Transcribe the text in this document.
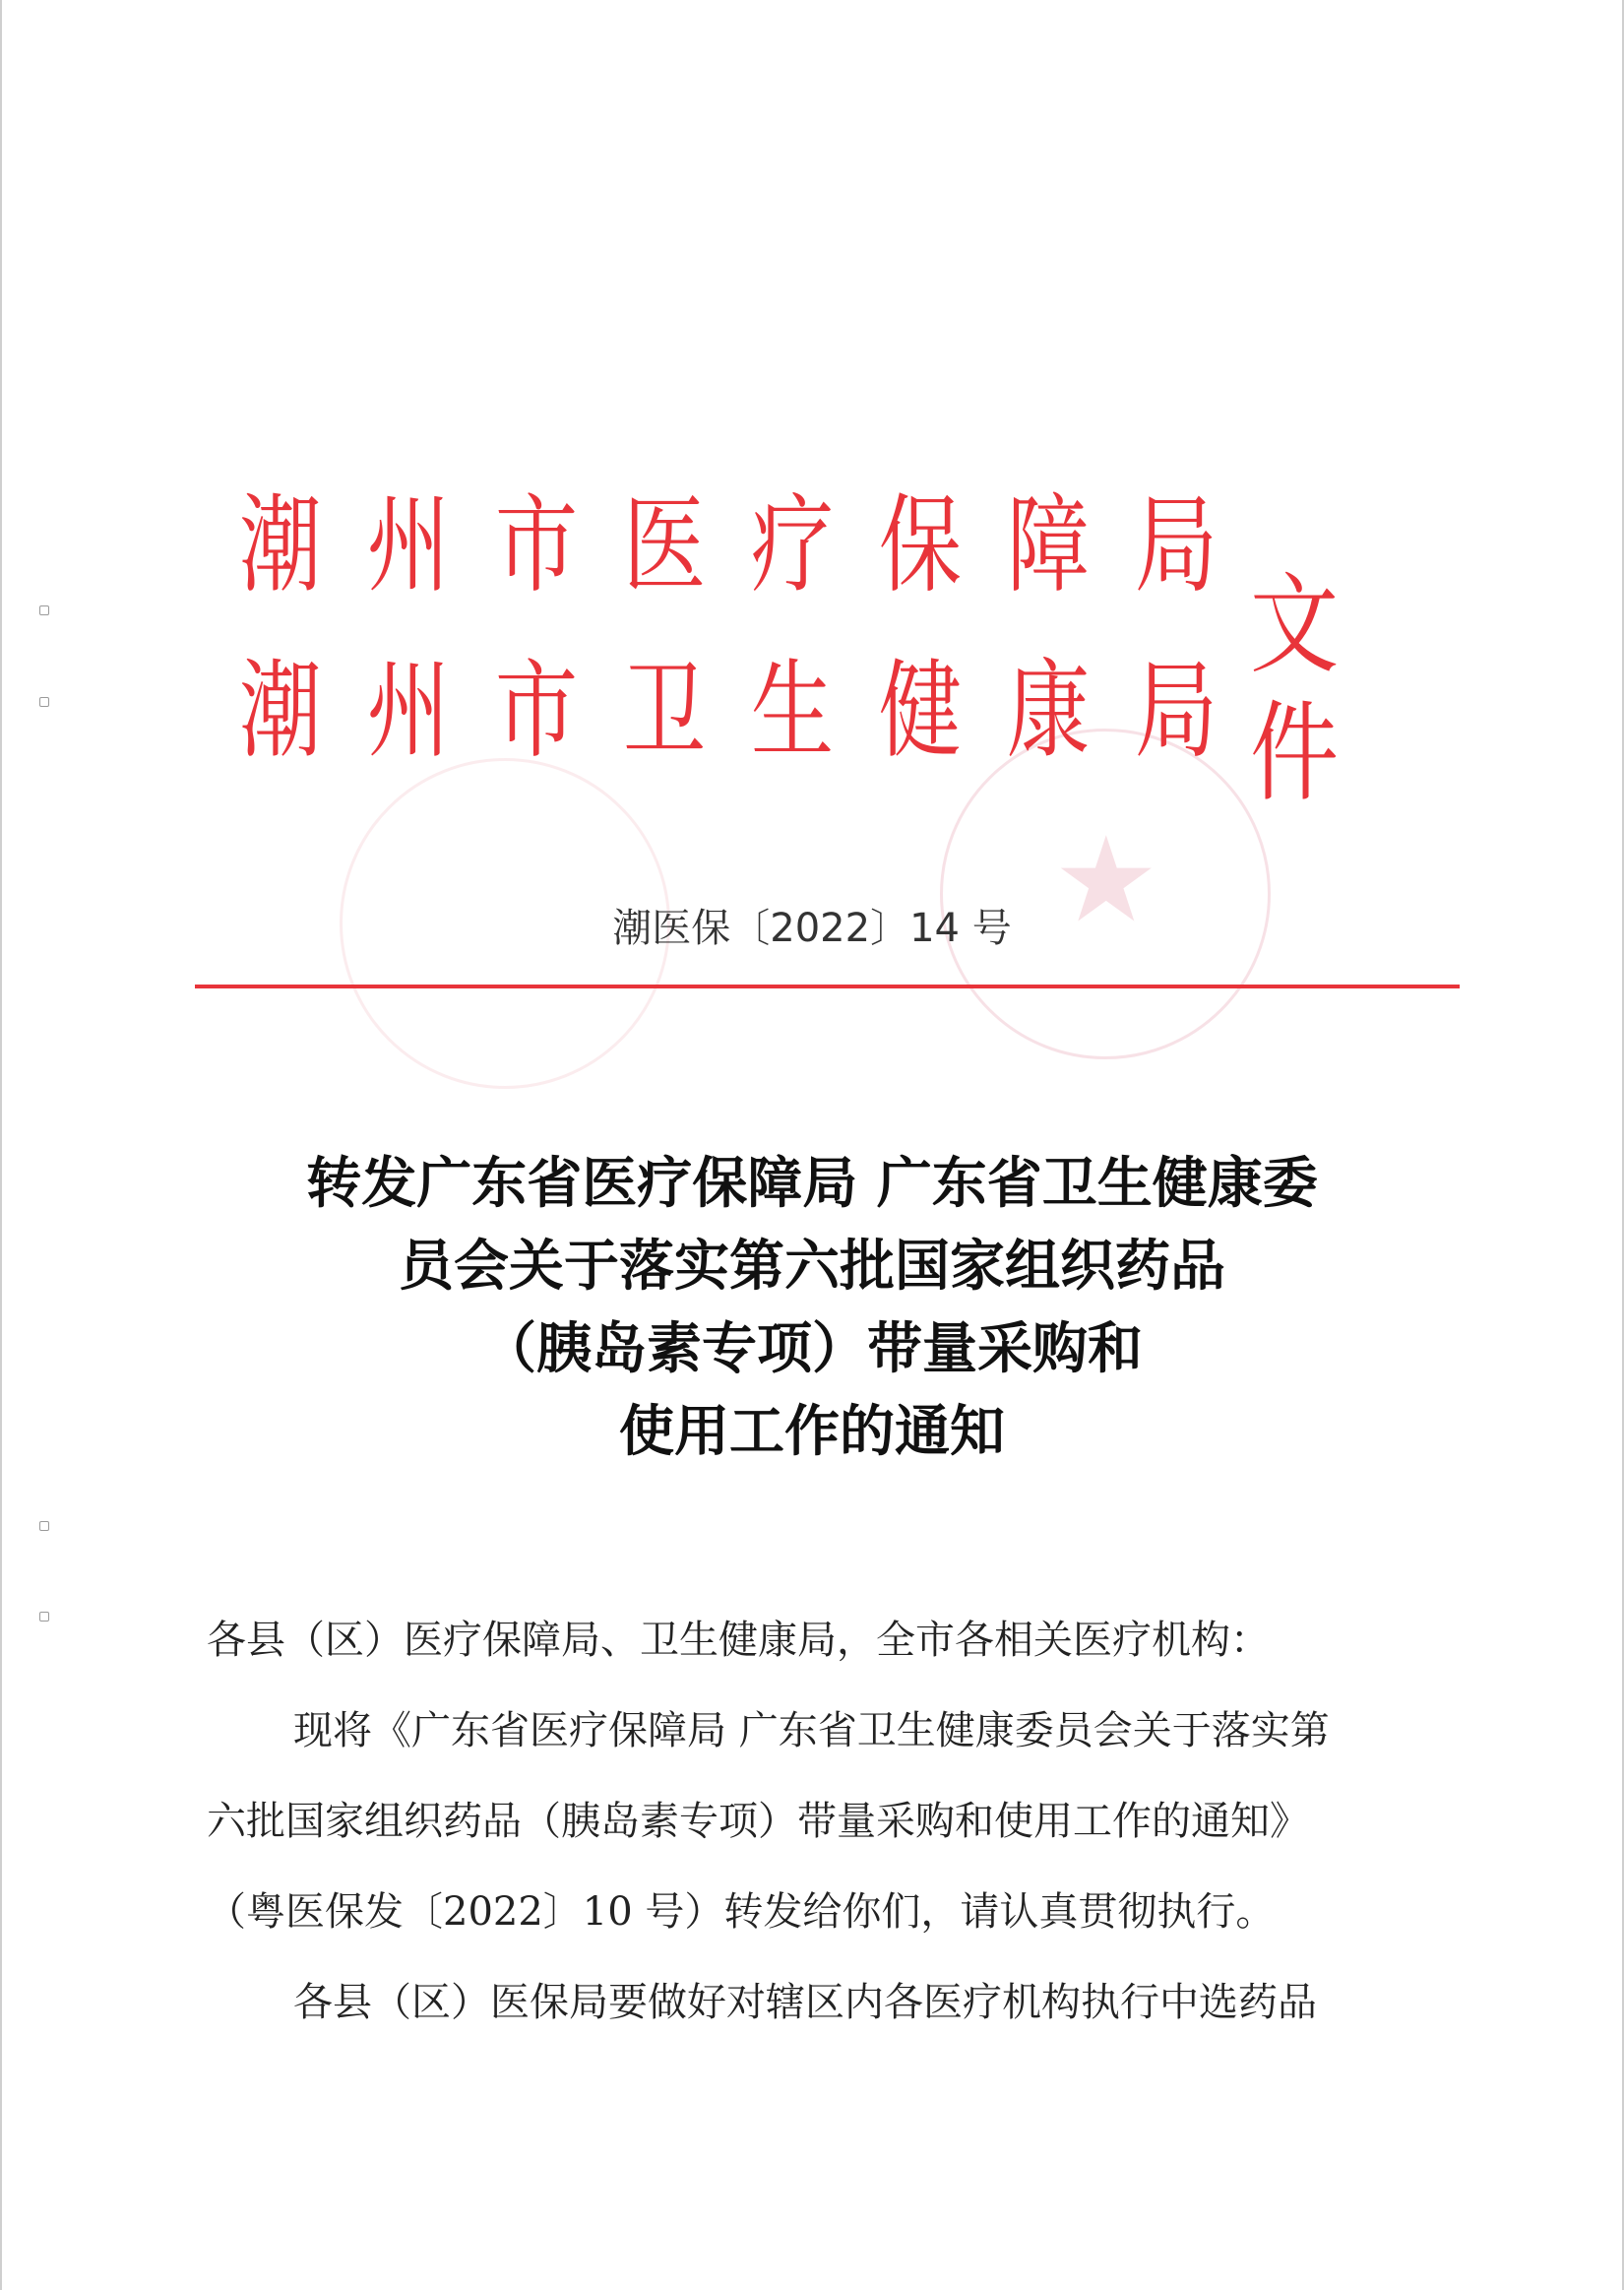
★
潮 州 市 医 疗 保 障 局
潮 州 市 卫 生 健 康 局
文件
潮医保〔2022〕14 号
转发广东省医疗保障局 广东省卫生健康委
员会关于落实第六批国家组织药品
（胰岛素专项）带量采购和
使用工作的通知

各县（区）医疗保障局、卫生健康局，全市各相关医疗机构：

现将《广东省医疗保障局 广东省卫生健康委员会关于落实第

六批国家组织药品（胰岛素专项）带量采购和使用工作的通知》

（粤医保发〔2022〕10 号）转发给你们，请认真贯彻执行。

各县（区）医保局要做好对辖区内各医疗机构执行中选药品
